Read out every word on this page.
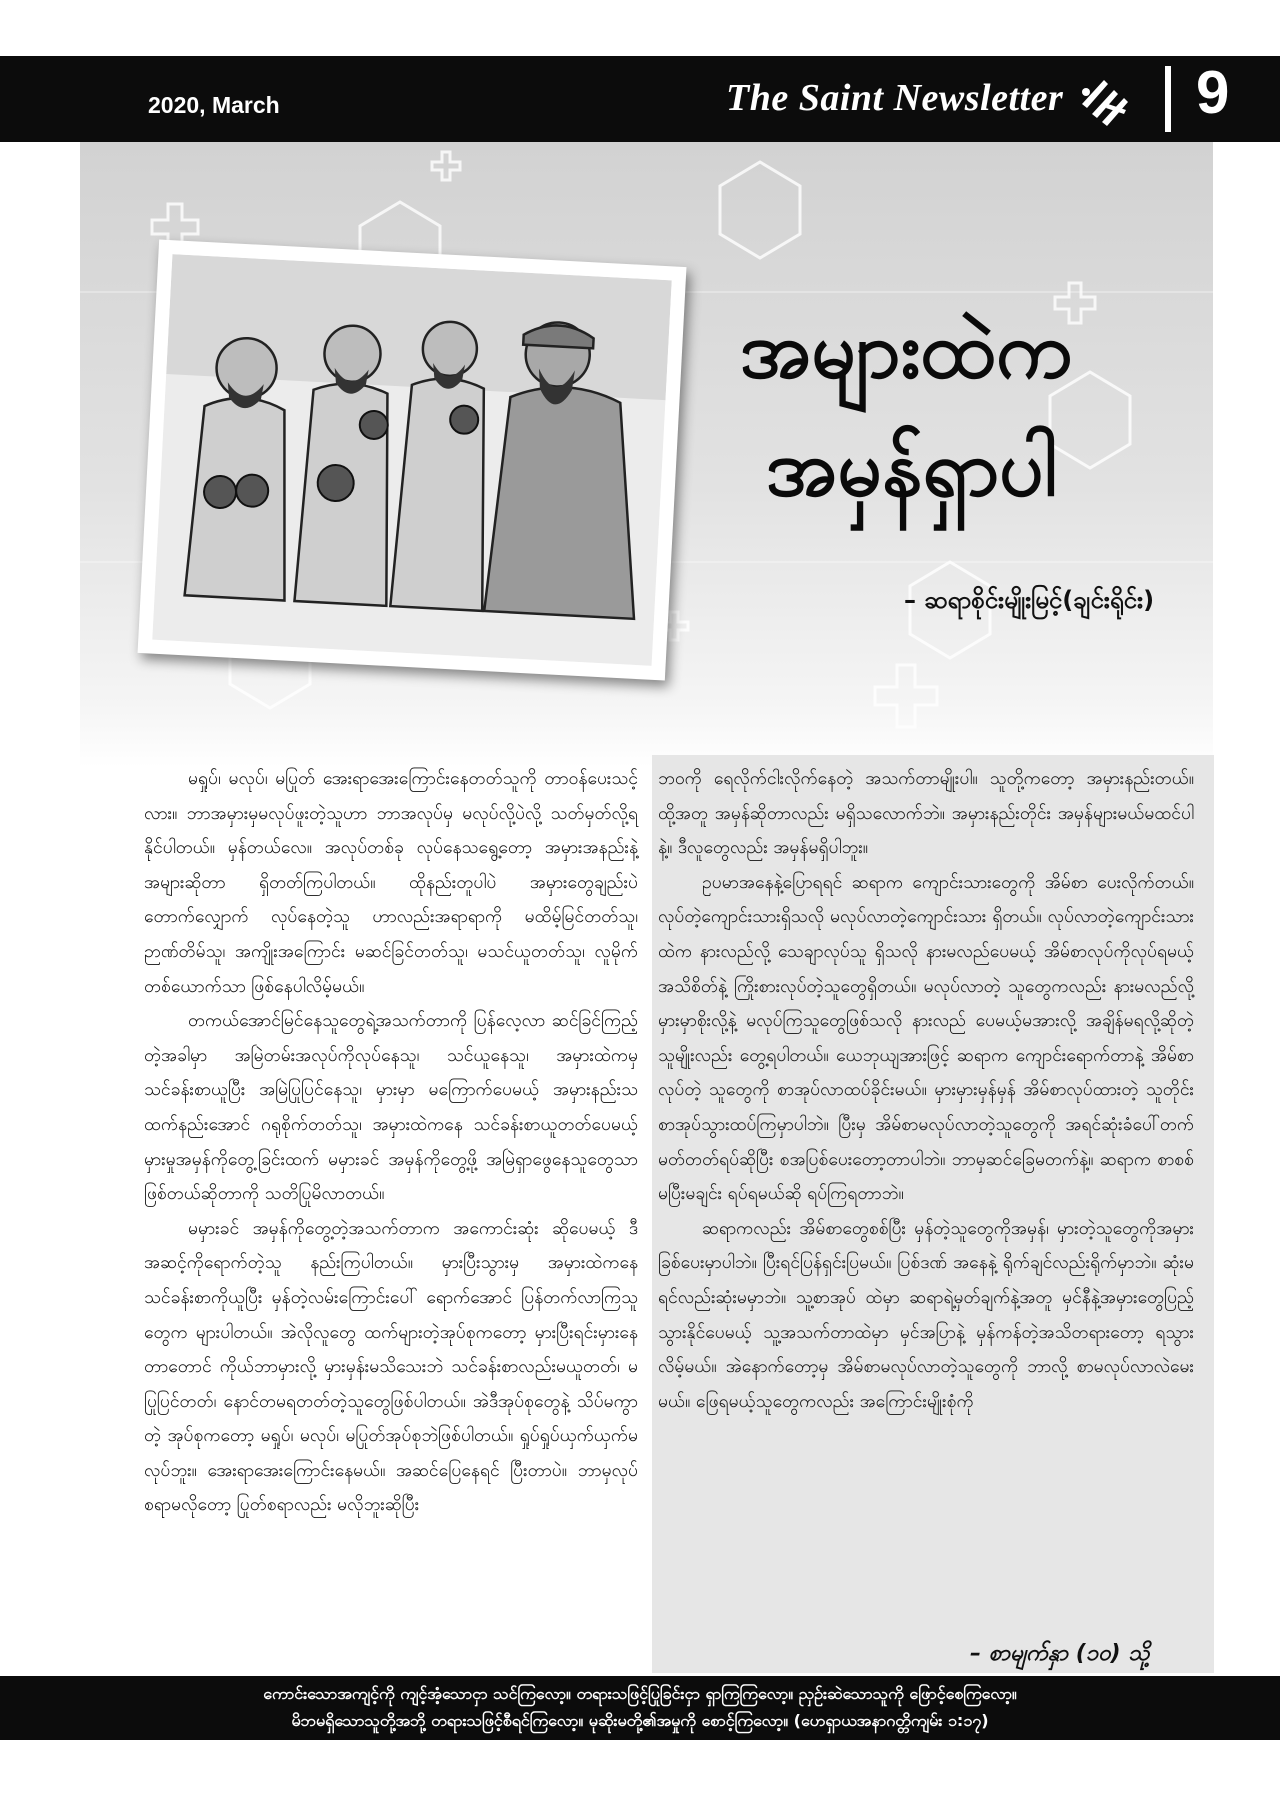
2020, March	The Saint Newsletter 9
အများထဲက
အမှန်ရှာပါ
– ဆရာစိုင်းမျိုးမြင့်(ချင်းရိုင်း)

မရှုပ်၊ မလုပ်၊ မပြုတ် အေးရာအေးကြောင်းနေတတ်သူကို တာဝန်ပေးသင့်လား။ ဘာအမှားမှမလုပ်ဖူးတဲ့သူဟာ ဘာအလုပ်မှ မလုပ်လို့ပဲလို့ သတ်မှတ်လို့ရနိုင်ပါတယ်။ မှန်တယ်လေ။ အလုပ်တစ်ခု လုပ်နေသရွေ့တော့ အမှားအနည်းနဲ့အများဆိုတာ ရှိတတ်ကြပါတယ်။ ထိုနည်းတူပါပဲ အမှားတွေချည်းပဲတောက်လျှောက် လုပ်နေတဲ့သူ ဟာလည်းအရာရာကို မထိမ့်မြင်တတ်သူ၊ ဉာဏ်တိမ်သူ၊ အကျိုးအကြောင်း မဆင်ခြင်တတ်သူ၊ မသင်ယူတတ်သူ၊ လူမိုက် တစ်ယောက်သာ ဖြစ်နေပါလိမ့်မယ်။

တကယ်အောင်မြင်နေသူတွေရဲ့အသက်တာကို ပြန်လေ့လာ ဆင်ခြင်ကြည့်တဲ့အခါမှာ အမြဲတမ်းအလုပ်ကိုလုပ်နေသူ၊ သင်ယူနေသူ၊ အမှားထဲကမှ သင်ခန်းစာယူပြီး အမြဲပြုပြင်နေသူ၊ မှားမှာ မကြောက်ပေမယ့် အမှားနည်းသထက်နည်းအောင် ဂရုစိုက်တတ်သူ၊ အမှားထဲကနေ သင်ခန်းစာယူတတ်ပေမယ့် မှားမှုအမှန်ကိုတွေ့ခြင်းထက် မမှားခင် အမှန်ကိုတွေ့ဖို့ အမြဲရှာဖွေနေသူတွေသာ ဖြစ်တယ်ဆိုတာကို သတိပြုမိလာတယ်။

မမှားခင် အမှန်ကိုတွေ့တဲ့အသက်တာက အကောင်းဆုံး ဆိုပေမယ့် ဒီအဆင့်ကိုရောက်တဲ့သူ နည်းကြပါတယ်။ မှားပြီးသွားမှ အမှားထဲကနေ သင်ခန်းစာကိုယူပြီး မှန်တဲ့လမ်းကြောင်းပေါ် ရောက်အောင် ပြန်တက်လာကြသူတွေက များပါတယ်။ အဲလိုလူတွေ ထက်များတဲ့အုပ်စုကတော့ မှားပြီးရင်းမှားနေတာတောင် ကိုယ်ဘာမှားလို့ မှားမှန်းမသိသေးဘဲ သင်ခန်းစာလည်းမယူတတ်၊ မပြုပြင်တတ်၊ နောင်တမရတတ်တဲ့သူတွေဖြစ်ပါတယ်။ အဲဒီအုပ်စုတွေနဲ့ သိပ်မကွာတဲ့ အုပ်စုကတော့ မရှုပ်၊ မလုပ်၊ မပြုတ်အုပ်စုဘဲဖြစ်ပါတယ်။ ရှုပ်ရှုပ်ယှက်ယှက်မလုပ်ဘူး။ အေးရာအေးကြောင်းနေမယ်။ အဆင်ပြေနေရင် ပြီးတာပဲ။ ဘာမှလုပ်စရာမလိုတော့ ပြုတ်စရာလည်း မလိုဘူးဆိုပြီး

ဘဝကို ရေလိုက်ငါးလိုက်နေတဲ့ အသက်တာမျိုးပါ။ သူတို့ကတော့ အမှားနည်းတယ်။ ထို့အတူ အမှန်ဆိုတာလည်း မရှိသလောက်ဘဲ။ အမှားနည်းတိုင်း အမှန်များမယ်မထင်ပါနဲ့။ ဒီလူတွေလည်း အမှန်မရှိပါဘူး။

ဥပမာအနေနဲ့ပြောရရင် ဆရာက ကျောင်းသားတွေကို အိမ်စာ ပေးလိုက်တယ်။ လုပ်တဲ့ကျောင်းသားရှိသလို မလုပ်လာတဲ့ကျောင်းသား ရှိတယ်။ လုပ်လာတဲ့ကျောင်းသားထဲက နားလည်လို့ သေချာလုပ်သူ ရှိသလို နားမလည်ပေမယ့် အိမ်စာလုပ်ကိုလုပ်ရမယ့်အသိစိတ်နဲ့ ကြိုးစားလုပ်တဲ့သူတွေရှိတယ်။ မလုပ်လာတဲ့ သူတွေကလည်း နားမလည်လို့ မှားမှာစိုးလို့နဲ့ မလုပ်ကြသူတွေဖြစ်သလို နားလည် ပေမယ့်မအားလို့ အချိန်မရလို့ဆိုတဲ့သူမျိုးလည်း တွေ့ရပါတယ်။ ယေဘုယျအားဖြင့် ဆရာက ကျောင်းရောက်တာနဲ့ အိမ်စာလုပ်တဲ့ သူတွေကို စာအုပ်လာထပ်ခိုင်းမယ်။ မှားမှားမှန်မှန် အိမ်စာလုပ်ထားတဲ့ သူတိုင်း စာအုပ်သွားထပ်ကြမှာပါဘဲ။ ပြီးမှ အိမ်စာမလုပ်လာတဲ့သူတွေကို အရင်ဆုံးခံပေါ်တက် မတ်တတ်ရပ်ဆိုပြီး စအပြစ်ပေးတော့တာပါဘဲ။ ဘာမှဆင်ခြေမတက်နဲ့။ ဆရာက စာစစ်မပြီးမချင်း ရပ်ရမယ်ဆို ရပ်ကြရတာဘဲ။

ဆရာကလည်း အိမ်စာတွေစစ်ပြီး မှန်တဲ့သူတွေကိုအမှန်၊ မှားတဲ့သူတွေကိုအမှား ခြစ်ပေးမှာပါဘဲ။ ပြီးရင်ပြန်ရှင်းပြမယ်။ ပြစ်ဒဏ် အနေနဲ့ ရိုက်ချင်လည်းရိုက်မှာဘဲ။ ဆုံးမရင်လည်းဆုံးမမှာဘဲ။ သူ့စာအုပ် ထဲမှာ ဆရာရဲ့မှတ်ချက်နဲ့အတူ မှင်နီနဲ့အမှားတွေပြည့်သွားနိုင်ပေမယ့် သူ့အသက်တာထဲမှာ မှင်အပြာနဲ့ မှန်ကန်တဲ့အသိတရားတော့ ရသွားလိမ့်မယ်။ အဲနောက်တော့မှ အိမ်စာမလုပ်လာတဲ့သူတွေကို ဘာလို့ စာမလုပ်လာလဲမေးမယ်။ ဖြေရမယ့်သူတွေကလည်း အကြောင်းမျိုးစုံကို

– စာမျက်နှာ (၁၀) သို့
ကောင်းသောအကျင့်ကို ကျင့်အံ့သောငှာ သင်ကြလော့။ တရားသဖြင့်ပြုခြင်းငှာ ရှာကြကြလော့။ ညှဉ်းဆဲသောသူကို ဖြောင့်စေကြလော့။
မိဘမရှိသောသူတို့အဘို့ တရားသဖြင့်စီရင်ကြလော့။ မုဆိုးမတို့၏အမှုကို စောင့်ကြလော့။ (ဟေရှာယအနာဂတ္တိကျမ်း ၁:၁၇)
